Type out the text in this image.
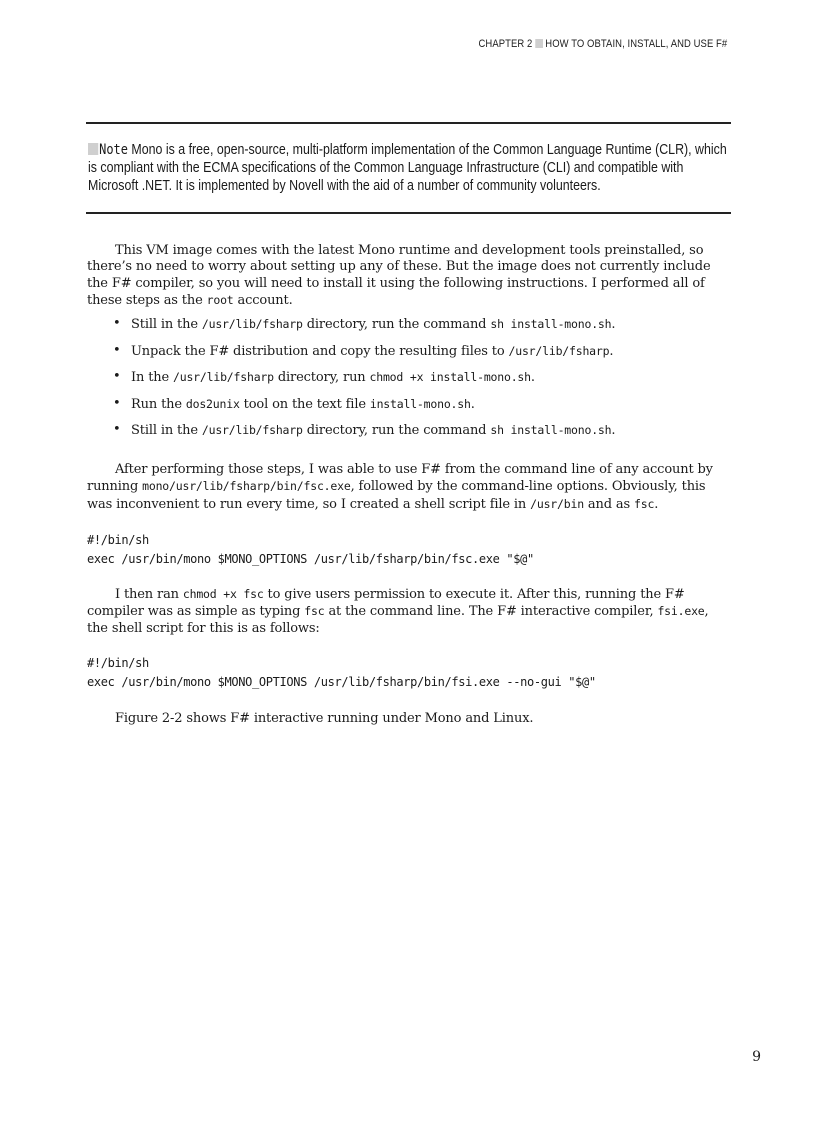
CHAPTER 2 HOW TO OBTAIN, INSTALL, AND USE F#
Note Mono is a free, open-source, multi-platform implementation of the Common Language Runtime (CLR), which is compliant with the ECMA specifications of the Common Language Infrastructure (CLI) and compatible with Microsoft .NET. It is implemented by Novell with the aid of a number of community volunteers.
This VM image comes with the latest Mono runtime and development tools preinstalled, so there’s no need to worry about setting up any of these. But the image does not currently include the F# compiler, so you will need to install it using the following instructions. I performed all of these steps as the root account.
• Still in the /usr/lib/fsharp directory, run the command sh install-mono.sh.
• Unpack the F# distribution and copy the resulting files to /usr/lib/fsharp.
• In the /usr/lib/fsharp directory, run chmod +x install-mono.sh.
• Run the dos2unix tool on the text file install-mono.sh.
• Still in the /usr/lib/fsharp directory, run the command sh install-mono.sh.
After performing those steps, I was able to use F# from the command line of any account by running mono/usr/lib/fsharp/bin/fsc.exe, followed by the command-line options. Obviously, this was inconvenient to run every time, so I created a shell script file in /usr/bin and as fsc.
#!/bin/sh
exec /usr/bin/mono $MONO_OPTIONS /usr/lib/fsharp/bin/fsc.exe "$@"
I then ran chmod +x fsc to give users permission to execute it. After this, running the F# compiler was as simple as typing fsc at the command line. The F# interactive compiler, fsi.exe, the shell script for this is as follows:
#!/bin/sh
exec /usr/bin/mono $MONO_OPTIONS /usr/lib/fsharp/bin/fsi.exe --no-gui "$@"
Figure 2-2 shows F# interactive running under Mono and Linux.
9
